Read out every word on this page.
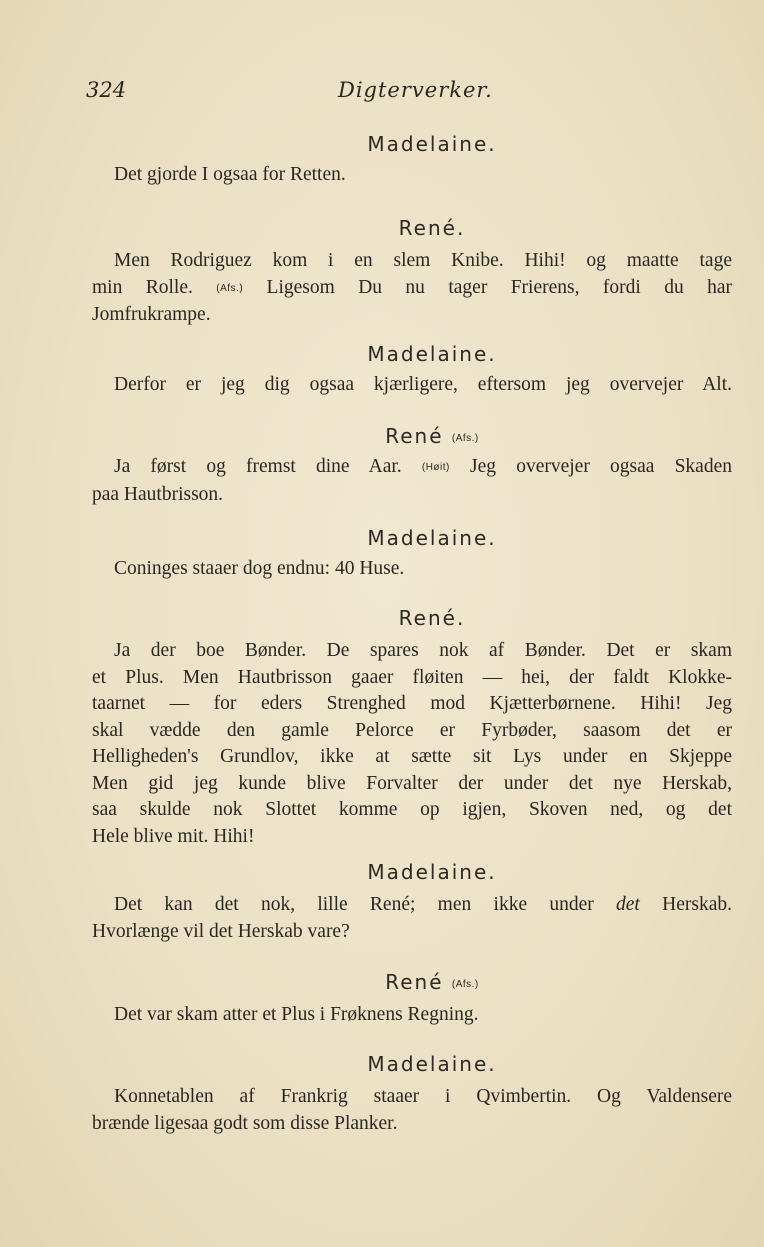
324	Digterverker.
Madelaine.
Det gjorde I ogsaa for Retten.
René.
Men Rodriguez kom i en slem Knibe. Hihi! og maatte tage
min Rolle. (Afs.) Ligesom Du nu tager Frierens, fordi du har
Jomfrukrampe.
Madelaine.
Derfor er jeg dig ogsaa kjærligere, eftersom jeg overvejer Alt.
René (Afs.)
Ja først og fremst dine Aar. (Høit) Jeg overvejer ogsaa Skaden
paa Hautbrisson.
Madelaine.
Coninges staaer dog endnu: 40 Huse.
René.
Ja der boe Bønder. De spares nok af Bønder. Det er skam
et Plus. Men Hautbrisson gaaer fløiten — hei, der faldt Klokke-
taarnet — for eders Strenghed mod Kjætterbørnene. Hihi! Jeg
skal vædde den gamle Pelorce er Fyrbøder, saasom det er
Helligheden's Grundlov, ikke at sætte sit Lys under en Skjeppe
Men gid jeg kunde blive Forvalter der under det nye Herskab,
saa skulde nok Slottet komme op igjen, Skoven ned, og det
Hele blive mit. Hihi!
Madelaine.
Det kan det nok, lille René; men ikke under det Herskab.
Hvorlænge vil det Herskab vare?
René (Afs.)
Det var skam atter et Plus i Frøknens Regning.
Madelaine.
Konnetablen af Frankrig staaer i Qvimbertin. Og Valdensere
brænde ligesaa godt som disse Planker.
